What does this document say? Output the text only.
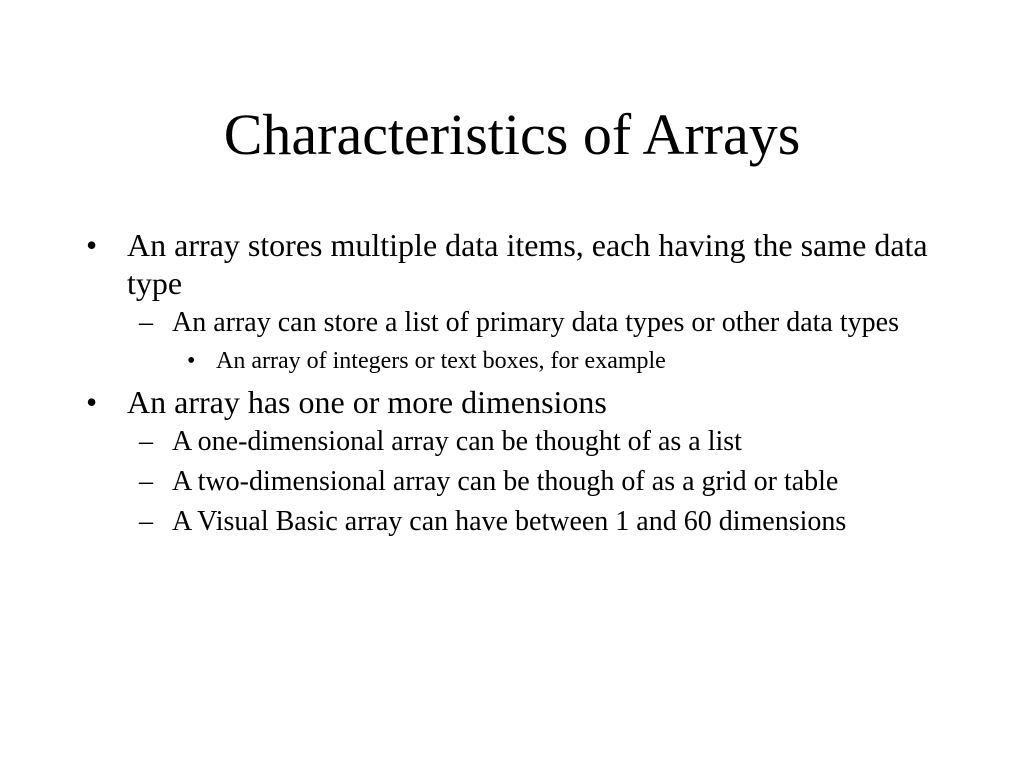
Characteristics of Arrays
• An array stores multiple data items, each having the same data type
– An array can store a list of primary data types or other data types
• An array of integers or text boxes, for example
• An array has one or more dimensions
– A one-dimensional array can be thought of as a list
– A two-dimensional array can be though of as a grid or table
– A Visual Basic array can have between 1 and 60 dimensions
